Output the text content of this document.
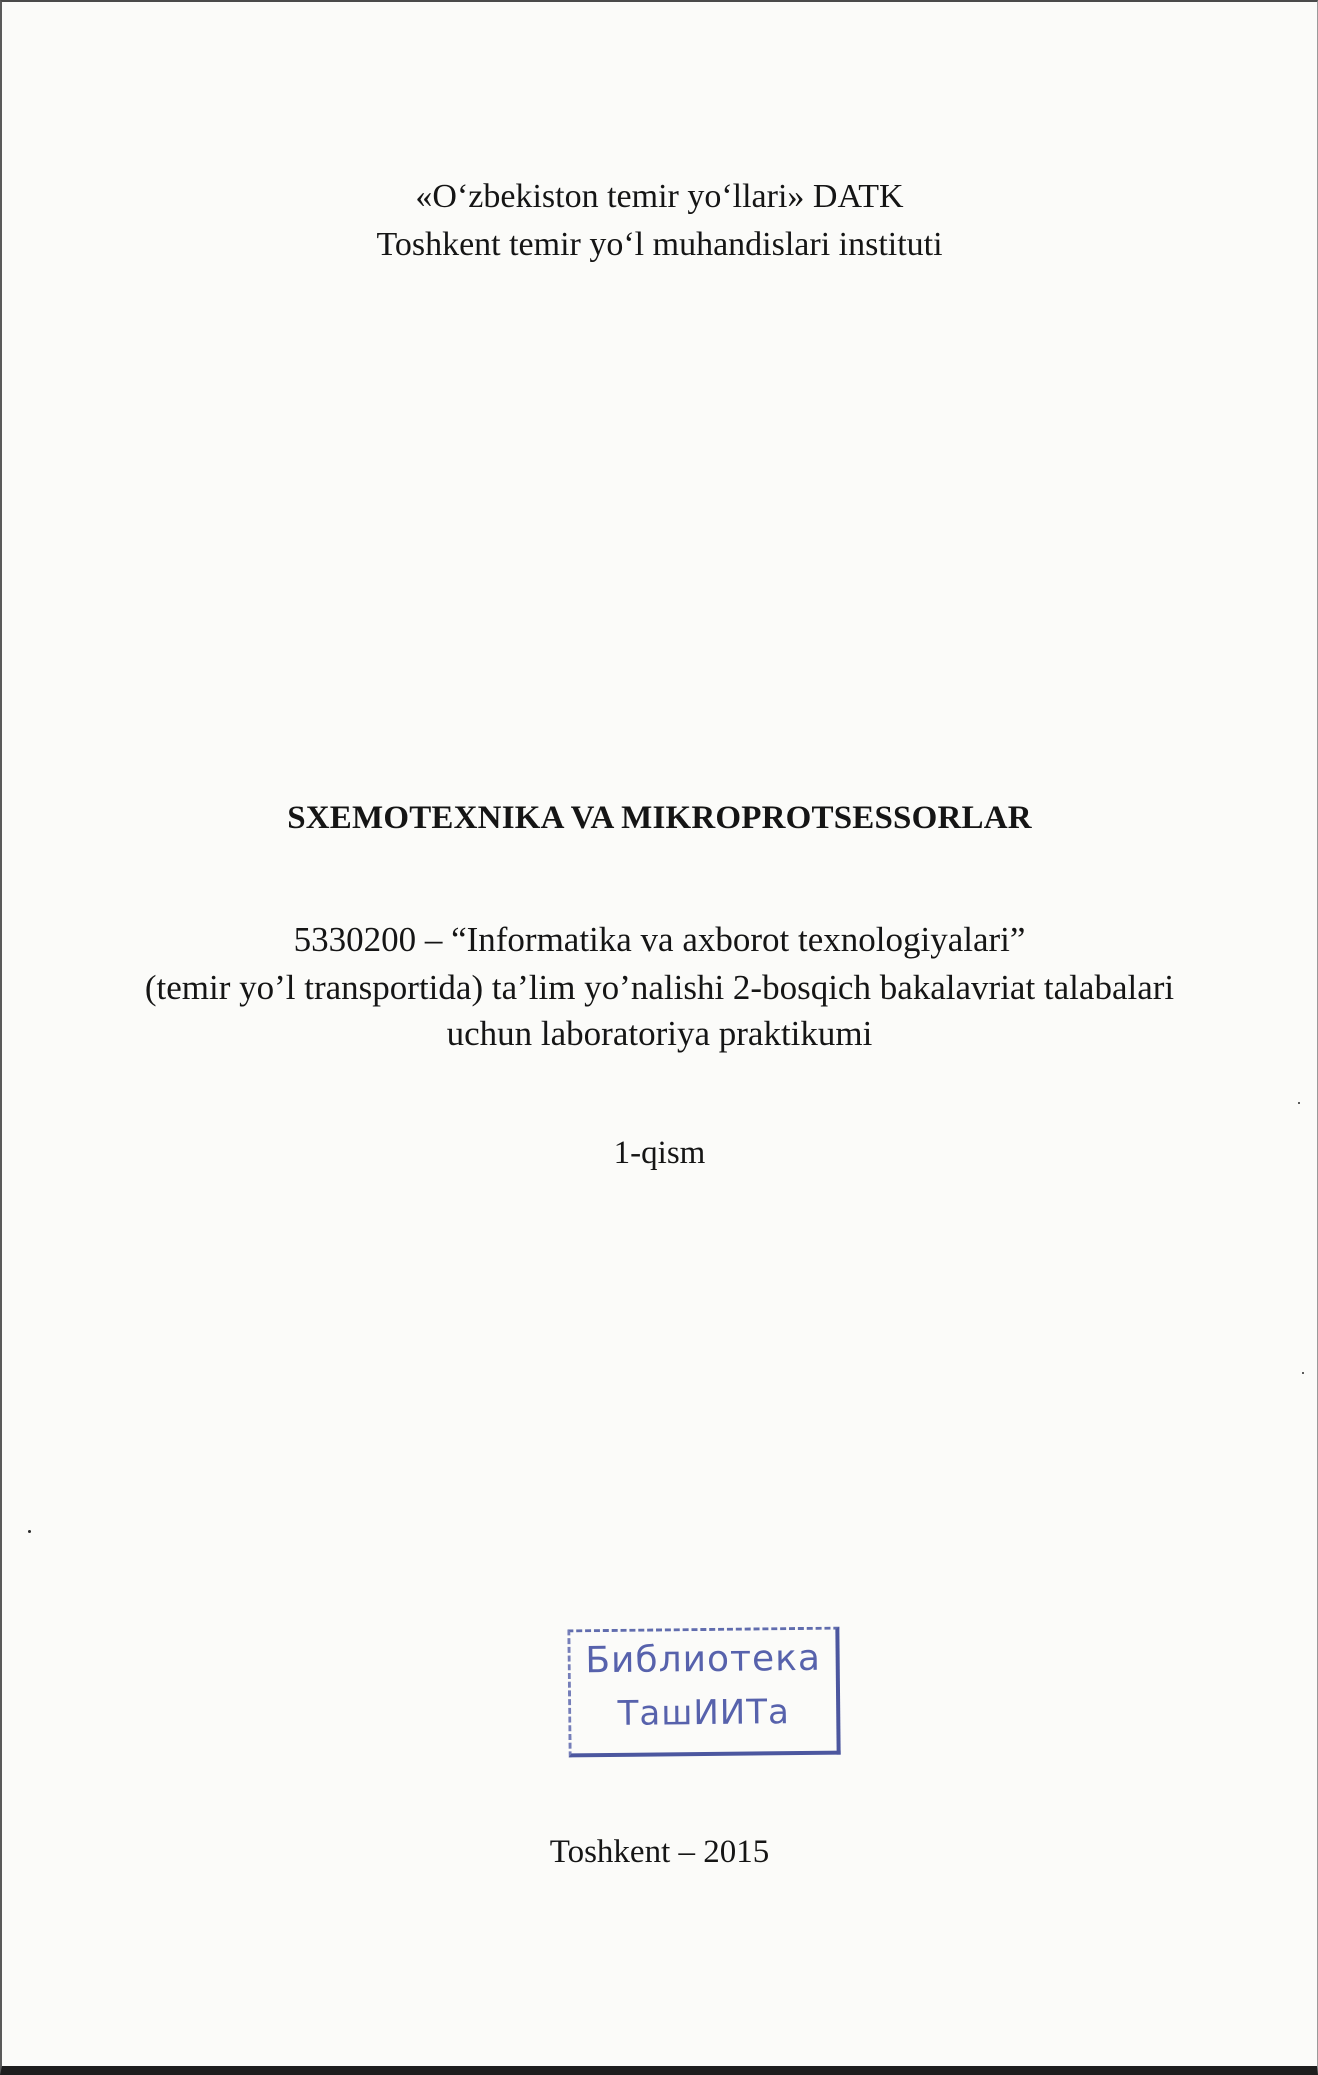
«O‘zbekiston temir yo‘llari» DATK
Toshkent temir yo‘l muhandislari instituti
SXEMOTEXNIKA VA MIKROPROTSESSORLAR
5330200 – “Informatika va axborot texnologiyalari”
(temir yo’l transportida) ta’lim yo’nalishi 2-bosqich bakalavriat talabalari
uchun laboratoriya praktikumi
1-qism
Библиотека
ТашИИТа
Toshkent – 2015
